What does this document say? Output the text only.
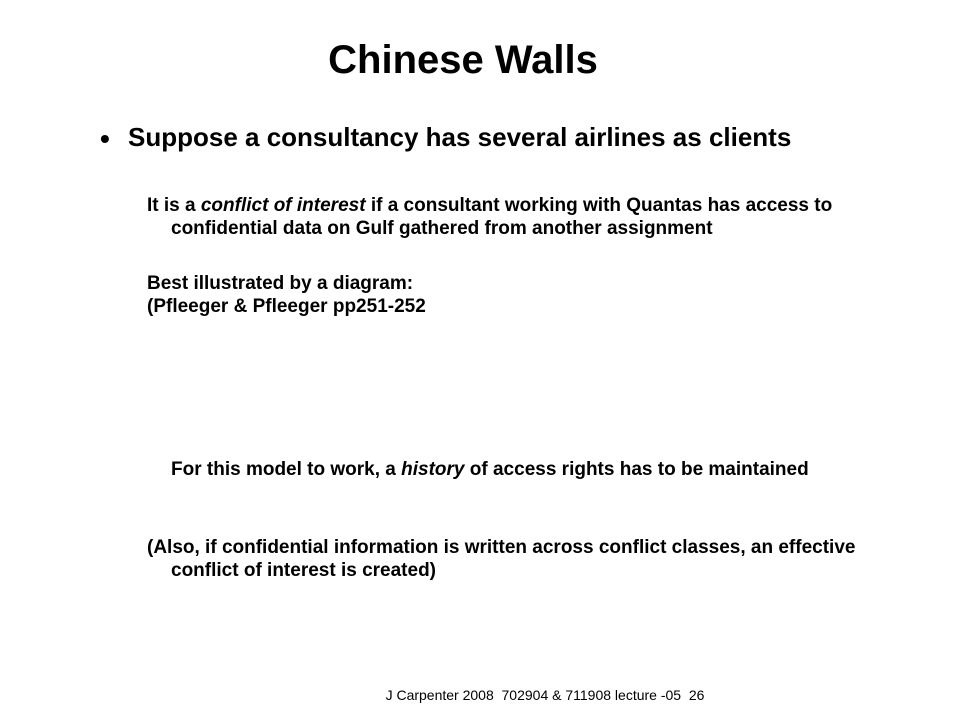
Chinese Walls
• Suppose a consultancy has several airlines as clients
It is a conflict of interest if a consultant working with Quantas has access to confidential data on Gulf gathered from another assignment
Best illustrated by a diagram:
(Pfleeger & Pfleeger pp251-252
For this model to work, a history of access rights has to be maintained
(Also, if confidential information is written across conflict classes, an effective conflict of interest is created)
J Carpenter 2008  702904 & 711908 lecture -05  26
